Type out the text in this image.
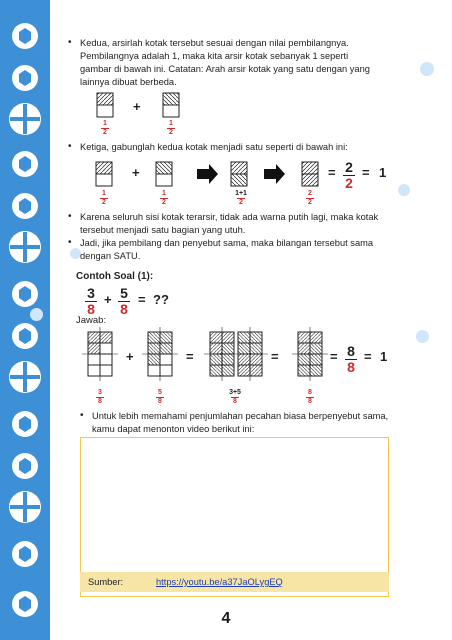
• Kedua, arsirlah kotak tersebut sesuai dengan nilai pembilangnya.
Pembilangnya adalah 1, maka kita arsir kotak sebanyak 1 seperti
gambar di bawah ini. Catatan: Arah arsir kotak yang satu dengan yang
lainnya dibuat berbeda.
+
1
2
1
2
• Ketiga, gabunglah kedua kotak menjadi satu seperti di bawah ini:
+	= 2
2
= 1
1
2
1
2
1+1
2
2
2
• Karena seluruh sisi kotak terarsir, tidak ada warna putih lagi, maka kotak
tersebut menjadi satu bagian yang utuh.
• Jadi, jika pembilang dan penyebut sama, maka bilangan tersebut sama
dengan SATU.
Contoh Soal (1):
3
8
+ 5
8
= ??
Jawab:
+	=	=	= 8
8
= 1
3
8
5
8
3+5
8
8
8
• Untuk lebih memahami penjumlahan pecahan biasa berpenyebut sama,
kamu dapat menonton video berikut ini:
Sumber:	https://youtu.be/a37JaOLygEQ
4
